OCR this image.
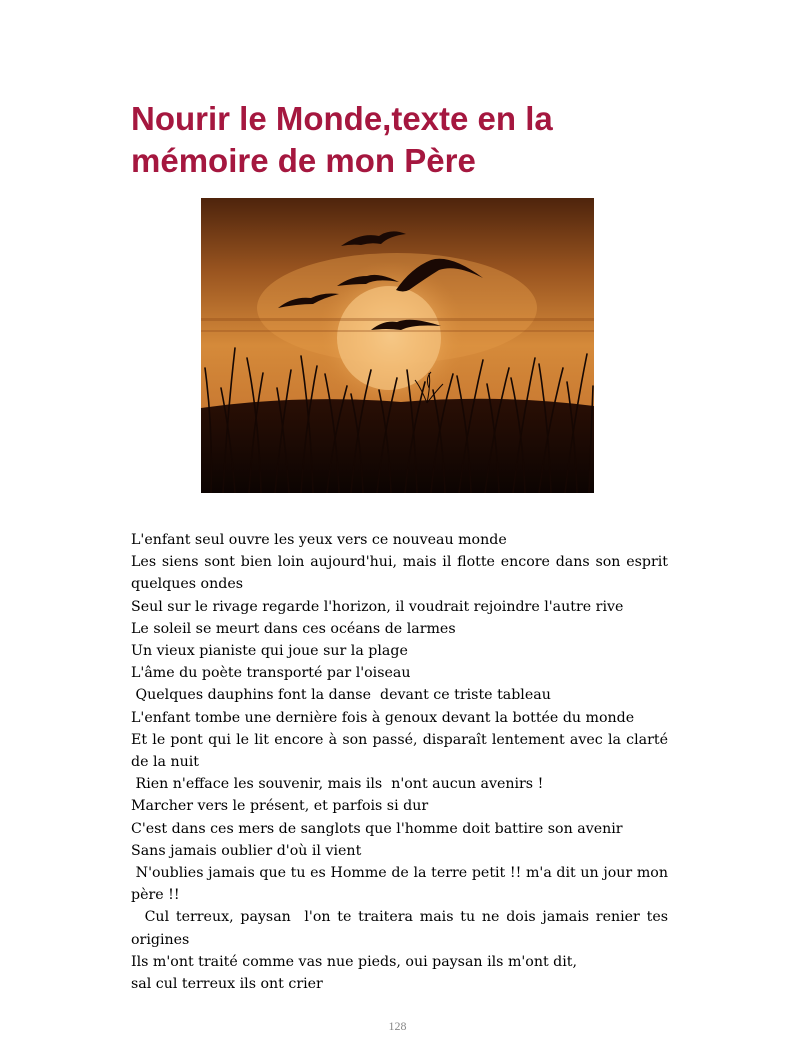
Nourir le Monde,texte en la
mémoire de mon Père
L'enfant seul ouvre les yeux vers ce nouveau monde
Les siens sont bien loin aujourd'hui, mais il flotte encore dans son esprit quelques ondes
Seul sur le rivage regarde l'horizon, il voudrait rejoindre l'autre rive
Le soleil se meurt dans ces océans de larmes
Un vieux pianiste qui joue sur la plage
L'âme du poète transporté par l'oiseau
Quelques dauphins font la danse  devant ce triste tableau
L'enfant tombe une dernière fois à genoux devant la bottée du monde
Et le pont qui le lit encore à son passé, disparaît lentement avec la clarté de la nuit
Rien n'efface les souvenir, mais ils  n'ont aucun avenirs !
Marcher vers le présent, et parfois si dur
C'est dans ces mers de sanglots que l'homme doit battire son avenir
Sans jamais oublier d'où il vient
N'oublies jamais que tu es Homme de la terre petit !! m'a dit un jour mon père !!
Cul terreux, paysan  l'on te traitera mais tu ne dois jamais renier tes origines
Ils m'ont traité comme vas nue pieds, oui paysan ils m'ont dit,
sal cul terreux ils ont crier
128
